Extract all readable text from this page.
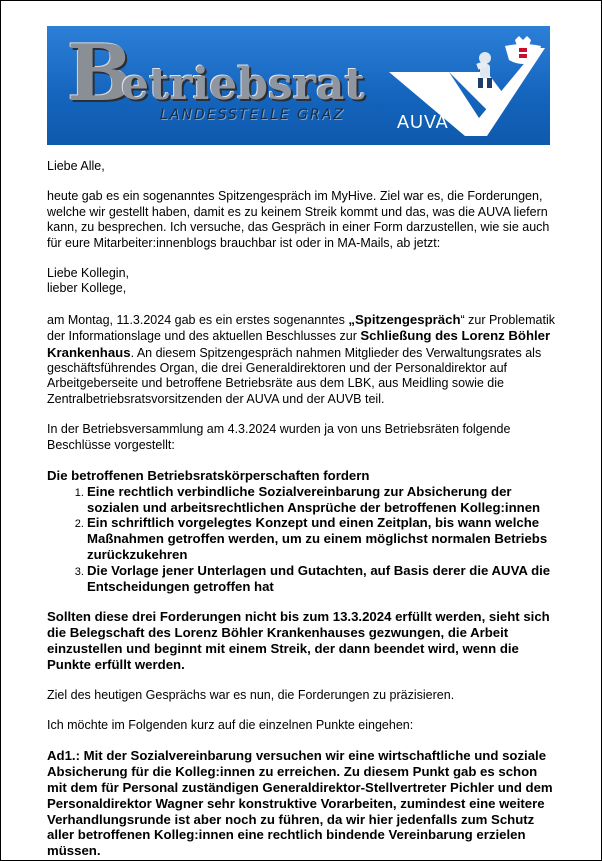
B
etriebsrat
LANDESSTELLE GRAZ	AUVA

Liebe Alle,

heute gab es ein sogenanntes Spitzengespräch im MyHive. Ziel war es, die Forderungen, welche wir gestellt haben, damit es zu keinem Streik kommt und das, was die AUVA liefern kann, zu besprechen. Ich versuche, das Gespräch in einer Form darzustellen, wie sie auch für eure Mitarbeiter:innenblogs brauchbar ist oder in MA-Mails, ab jetzt:

Liebe Kollegin,

lieber Kollege,

am Montag, 11.3.2024 gab es ein erstes sogenanntes „Spitzengespräch“ zur Problematik der Informationslage und des aktuellen Beschlusses zur Schließung des Lorenz Böhler Krankenhaus. An diesem Spitzengespräch nahmen Mitglieder des Verwaltungsrates als geschäftsführendes Organ, die drei Generaldirektoren und der Personaldirektor auf Arbeitgeberseite und betroffene Betriebsräte aus dem LBK, aus Meidling sowie die Zentralbetriebsratsvorsitzenden der AUVA und der AUVB teil.

In der Betriebsversammlung am 4.3.2024 wurden ja von uns Betriebsräten folgende Beschlüsse vorgestellt:

Die betroffenen Betriebsratskörperschaften fordern

1. Eine rechtlich verbindliche Sozialvereinbarung zur Absicherung der sozialen und arbeitsrechtlichen Ansprüche der betroffenen Kolleg:innen
2. Ein schriftlich vorgelegtes Konzept und einen Zeitplan, bis wann welche Maßnahmen getroffen werden, um zu einem möglichst normalen Betriebs zurückzukehren
3. Die Vorlage jener Unterlagen und Gutachten, auf Basis derer die AUVA die Entscheidungen getroffen hat

Sollten diese drei Forderungen nicht bis zum 13.3.2024 erfüllt werden, sieht sich die Belegschaft des Lorenz Böhler Krankenhauses gezwungen, die Arbeit einzustellen und beginnt mit einem Streik, der dann beendet wird, wenn die Punkte erfüllt werden.

Ziel des heutigen Gesprächs war es nun, die Forderungen zu präzisieren.

Ich möchte im Folgenden kurz auf die einzelnen Punkte eingehen:

Ad1.: Mit der Sozialvereinbarung versuchen wir eine wirtschaftliche und soziale Absicherung für die Kolleg:innen zu erreichen. Zu diesem Punkt gab es schon mit dem für Personal zuständigen Generaldirektor-Stellvertreter Pichler und dem Personaldirektor Wagner sehr konstruktive Vorarbeiten, zumindest eine weitere Verhandlungsrunde ist aber noch zu führen, da wir hier jedenfalls zum Schutz aller betroffenen Kolleg:innen eine rechtlich bindende Vereinbarung erzielen müssen.
